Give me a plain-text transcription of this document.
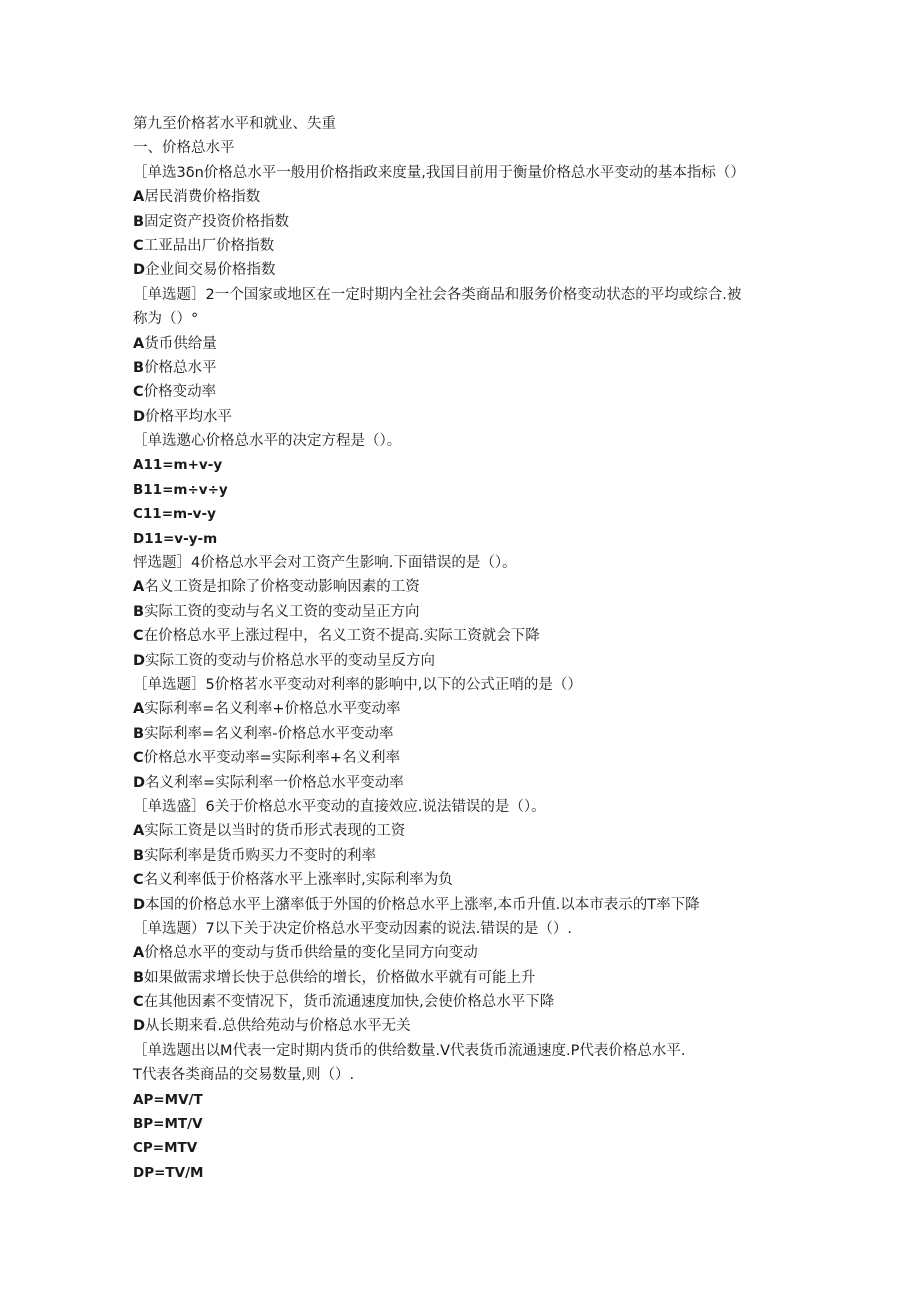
第九至价格茗水平和就业、失重
一、价格总水平
［单选3δn价格总水平一般用价格指政来度量,我国目前用于衡量价格总水平变动的基本指标（）
A居民消费价格指数
B固定资产投资价格指数
C工亚品出厂价格指数
D企业间交易价格指数
［单选题］2一个国家或地区在一定时期内全社会各类商品和服务价格变动状态的平均或综合.被
称为（）°
A货币供给量
B价格总水平
C价格变动率
D价格平均水平
［单选邀心价格总水平的决定方程是（）。
A11=m+v-y
B11=m÷v÷y
C11=m-v-y
D11=v-y-m
怦选题］4价格总水平会对工资产生影响.下面错误的是（）。
A名义工资是扣除了价格变动影响因素的工资
B实际工资的变动与名义工资的变动呈正方向
C在价格总水平上涨过程中，名义工资不提高.实际工资就会下降
D实际工资的变动与价格总水平的变动呈反方向
［单选题］5价格茗水平变动对利率的影响中,以下的公式正哨的是（）
A实际利率=名义利率+价格总水平变动率
B实际利率=名义利率-价格总水平变动率
C价格总水平变动率=实际利率+名义利率
D名义利率=实际利率一价格总水平变动率
［单选盛］6关于价格总水平变动的直接效应.说法错误的是（）。
A实际工资是以当时的货币形式表现的工资
B实际利率是货币购买力不变时的利率
C名义利率低于价格落水平上涨率时,实际利率为负
D本国的价格总水平上潴率低于外国的价格总水平上涨率,本币升值.以本市表示的T率下降
［单选题）7以下关于决定价格总水平变动因素的说法.错误的是（）.
A价格总水平的变动与货币供给量的变化呈同方向变动
B如果做需求增长快于总供给的增长，价格做水平就有可能上升
C在其他因素不变情况下，货币流通速度加快,会使价格总水平下降
D从长期来看.总供给苑动与价格总水平无关
［单选题出以M代表一定时期内货币的供给数量.V代表货币流通速度.P代表价格总水平.
T代表各类商品的交易数量,则（）.
AP=MV/T
BP=MT/V
CP=MTV
DP=TV/M
